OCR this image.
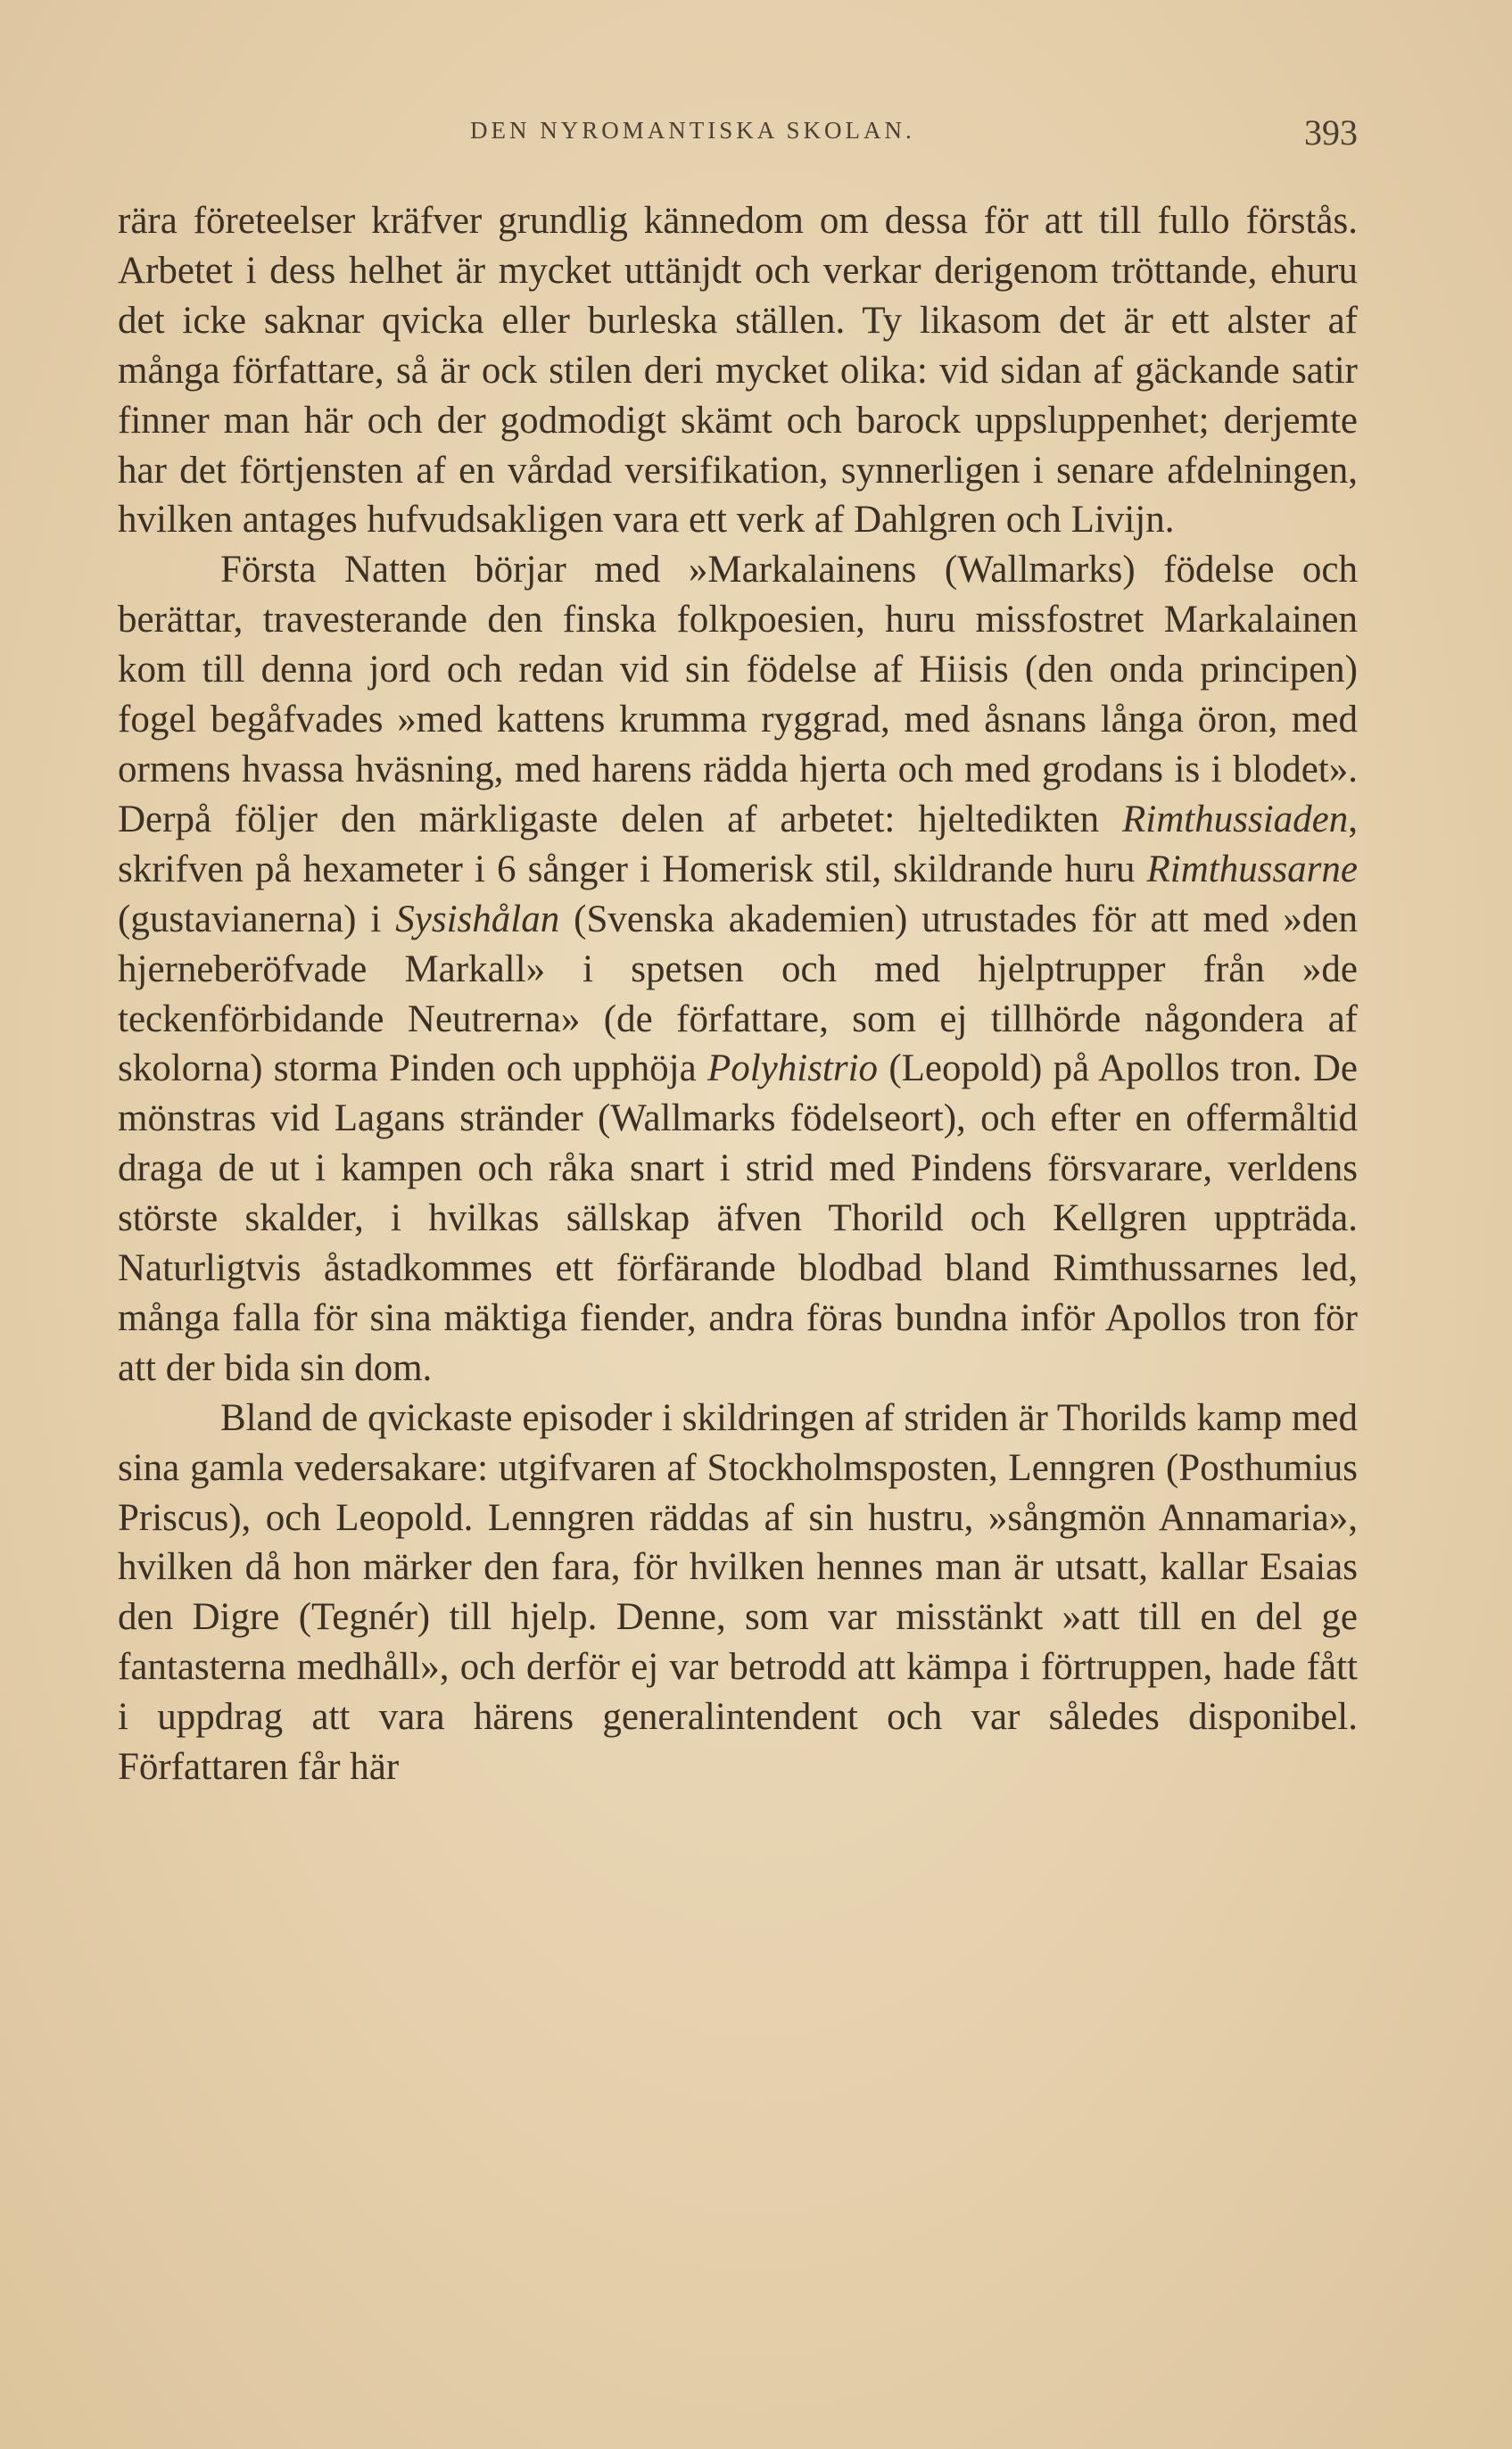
DEN NYROMANTISKA SKOLAN.	393

rära företeelser kräfver grundlig kännedom om dessa för att till fullo förstås. Arbetet i dess helhet är mycket uttänjdt och verkar derigenom tröttande, ehuru det icke saknar qvicka eller burleska ställen. Ty likasom det är ett alster af många författare, så är ock stilen deri mycket olika: vid sidan af gäckande satir finner man här och der godmodigt skämt och barock uppsluppenhet; derjemte har det förtjensten af en vårdad versifikation, synnerligen i senare afdelningen, hvilken antages hufvudsakligen vara ett verk af Dahlgren och Livijn.

Första Natten börjar med »Markalainens (Wallmarks) födelse och berättar, travesterande den finska folkpoesien, huru missfostret Markalainen kom till denna jord och redan vid sin födelse af Hiisis (den onda principen) fogel begåfvades »med kattens krumma ryggrad, med åsnans långa öron, med ormens hvassa hväsning, med harens rädda hjerta och med grodans is i blodet». Derpå följer den märkligaste delen af arbetet: hjeltedikten Rimthussiaden, skrifven på hexameter i 6 sånger i Homerisk stil, skildrande huru Rimthussarne (gustavianerna) i Sysishålan (Svenska akademien) utrustades för att med »den hjerneberöfvade Markall» i spetsen och med hjelptrupper från »de teckenförbidande Neutrerna» (de författare, som ej tillhörde någondera af skolorna) storma Pinden och upphöja Polyhistrio (Leopold) på Apollos tron. De mönstras vid Lagans stränder (Wallmarks födelseort), och efter en offermåltid draga de ut i kampen och råka snart i strid med Pindens försvarare, verldens störste skalder, i hvilkas sällskap äfven Thorild och Kellgren uppträda. Naturligtvis åstadkommes ett förfärande blodbad bland Rimthussarnes led, många falla för sina mäktiga fiender, andra föras bundna inför Apollos tron för att der bida sin dom.

Bland de qvickaste episoder i skildringen af striden är Thorilds kamp med sina gamla vedersakare: utgifvaren af Stockholmsposten, Lenngren (Posthumius Priscus), och Leopold. Lenngren räddas af sin hustru, »sångmön Annamaria», hvilken då hon märker den fara, för hvilken hennes man är utsatt, kallar Esaias den Digre (Tegnér) till hjelp. Denne, som var misstänkt »att till en del ge fantasterna medhåll», och derför ej var betrodd att kämpa i förtruppen, hade fått i uppdrag att vara härens generalintendent och var således disponibel. Författaren får här
